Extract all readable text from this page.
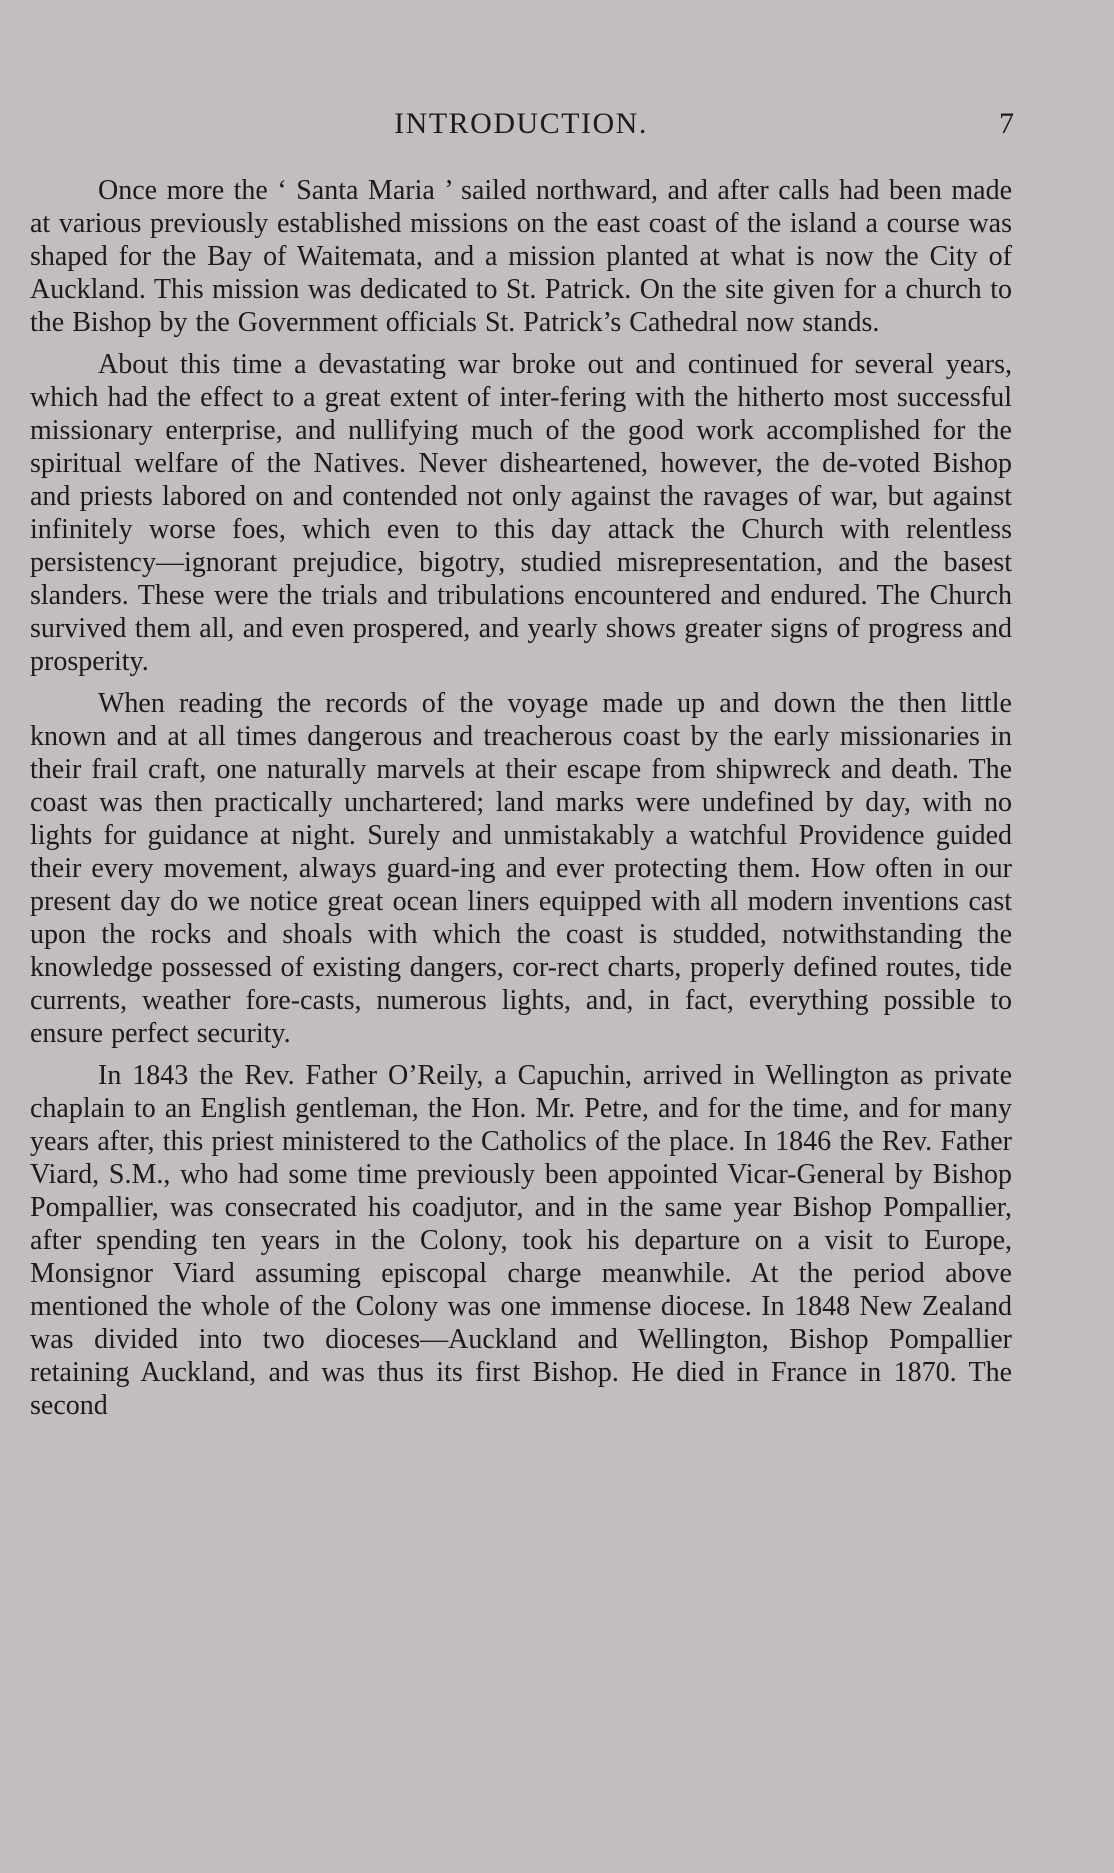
INTRODUCTION.	7

Once more the ‘ Santa Maria ’ sailed northward, and after calls had been made at various previously established missions on the east coast of the island a course was shaped for the Bay of Waitemata, and a mission planted at what is now the City of Auckland. This mission was dedicated to St. Patrick. On the site given for a church to the Bishop by the Government officials St. Patrick’s Cathedral now stands.

About this time a devastating war broke out and continued for several years, which had the effect to a great extent of inter-fering with the hitherto most successful missionary enterprise, and nullifying much of the good work accomplished for the spiritual welfare of the Natives. Never disheartened, however, the de-voted Bishop and priests labored on and contended not only against the ravages of war, but against infinitely worse foes, which even to this day attack the Church with relentless persistency—ignorant prejudice, bigotry, studied misrepresentation, and the basest slanders. These were the trials and tribulations encountered and endured. The Church survived them all, and even prospered, and yearly shows greater signs of progress and prosperity.

When reading the records of the voyage made up and down the then little known and at all times dangerous and treacherous coast by the early missionaries in their frail craft, one naturally marvels at their escape from shipwreck and death. The coast was then practically unchartered; land marks were undefined by day, with no lights for guidance at night. Surely and unmistakably a watchful Providence guided their every movement, always guard-ing and ever protecting them. How often in our present day do we notice great ocean liners equipped with all modern inventions cast upon the rocks and shoals with which the coast is studded, notwithstanding the knowledge possessed of existing dangers, cor-rect charts, properly defined routes, tide currents, weather fore-casts, numerous lights, and, in fact, everything possible to ensure perfect security.

In 1843 the Rev. Father O’Reily, a Capuchin, arrived in Wellington as private chaplain to an English gentleman, the Hon. Mr. Petre, and for the time, and for many years after, this priest ministered to the Catholics of the place. In 1846 the Rev. Father Viard, S.M., who had some time previously been appointed Vicar-General by Bishop Pompallier, was consecrated his coadjutor, and in the same year Bishop Pompallier, after spending ten years in the Colony, took his departure on a visit to Europe, Monsignor Viard assuming episcopal charge meanwhile. At the period above mentioned the whole of the Colony was one immense diocese. In 1848 New Zealand was divided into two dioceses—Auckland and Wellington, Bishop Pompallier retaining Auckland, and was thus its first Bishop. He died in France in 1870. The second
